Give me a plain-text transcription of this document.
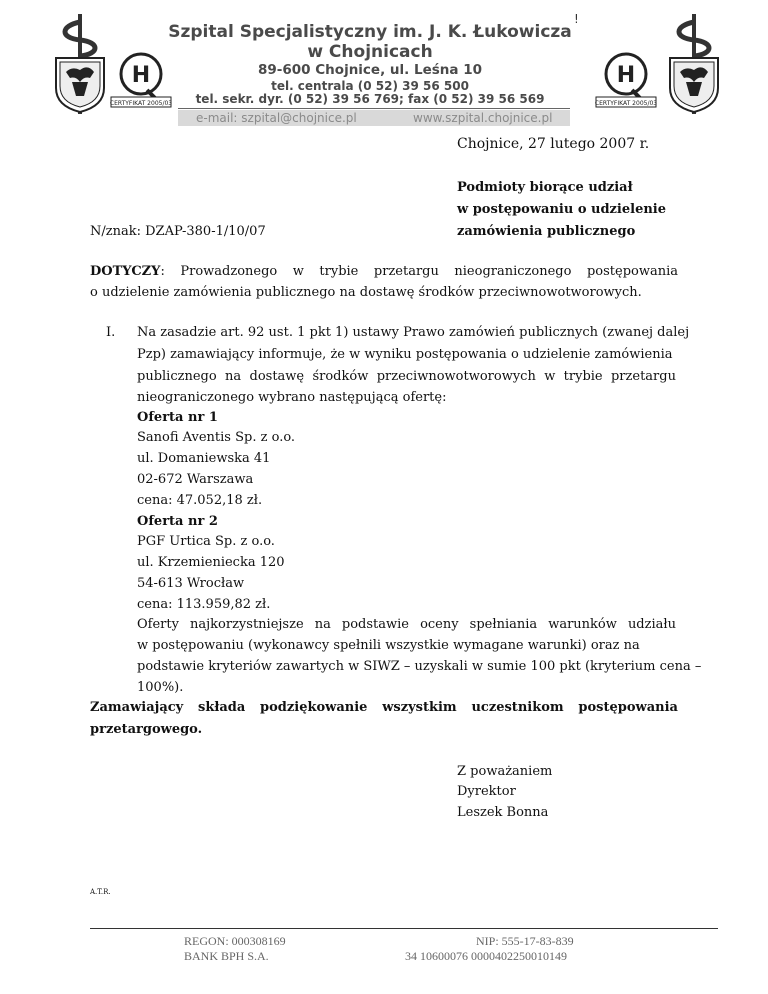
H
CERTYFIKAT 2005/03
H
CERTYFIKAT 2005/03
Szpital Specjalistyczny im. J. K. Łukowicza
w Chojnicach
89-600 Chojnice, ul. Leśna 10
tel. centrala (0 52) 39 56 500
tel. sekr. dyr. (0 52) 39 56 769; fax (0 52) 39 56 569
!
e-mail: szpital@chojnice.pl	www.szpital.chojnice.pl
Chojnice, 27 lutego 2007 r.
Podmioty biorące udział
w postępowaniu o udzielenie
zamówienia publicznego
N/znak: DZAP-380-1/10/07
DOTYCZY: Prowadzonego w trybie przetargu nieograniczonego postępowania
o udzielenie zamówienia publicznego na dostawę środków przeciwnowotworowych.
I. Na zasadzie art. 92 ust. 1 pkt 1) ustawy Prawo zamówień publicznych (zwanej dalej
Pzp) zamawiający informuje, że w wyniku postępowania o udzielenie zamówienia
publicznego na dostawę środków przeciwnowotworowych w trybie przetargu
nieograniczonego wybrano następującą ofertę:
Oferta nr 1
Sanofi Aventis Sp. z o.o.
ul. Domaniewska 41
02-672 Warszawa
cena: 47.052,18 zł.
Oferta nr 2
PGF Urtica Sp. z o.o.
ul. Krzemieniecka 120
54-613 Wrocław
cena: 113.959,82 zł.
Oferty najkorzystniejsze na podstawie oceny spełniania warunków udziału
w postępowaniu (wykonawcy spełnili wszystkie wymagane warunki) oraz na
podstawie kryteriów zawartych w SIWZ – uzyskali w sumie 100 pkt (kryterium cena –
100%).
Zamawiający składa podziękowanie wszystkim uczestnikom postępowania
przetargowego.
Z poważaniem
Dyrektor
Leszek Bonna
A.T.R.
REGON: 000308169
BANK BPH S.A.
NIP: 555-17-83-839
34 10600076 0000402250010149
